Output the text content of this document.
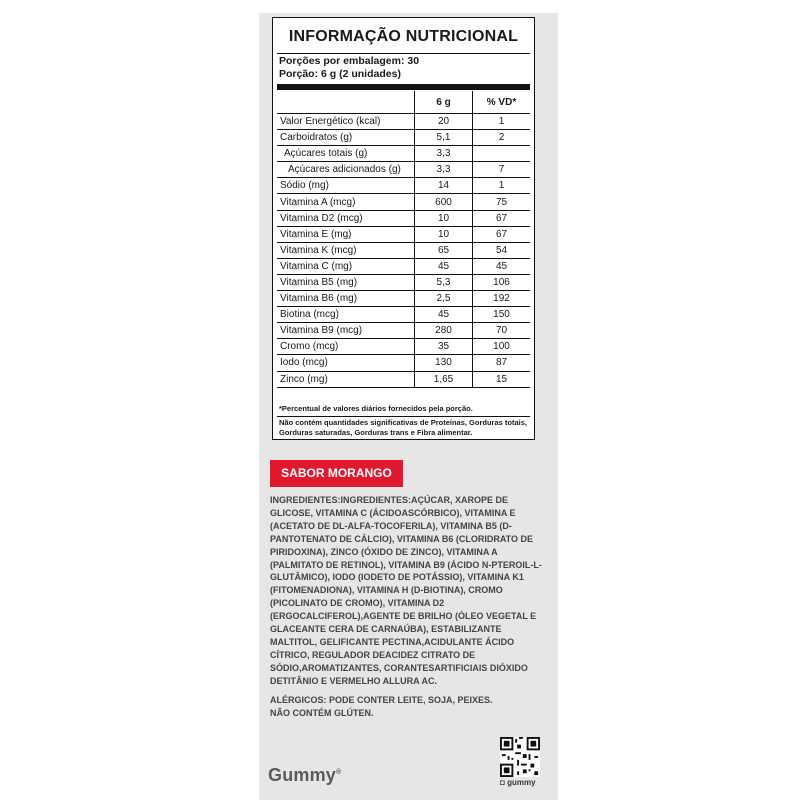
INFORMAÇÃO NUTRICIONAL
Porções por embalagem: 30
Porção: 6 g (2 unidades)
	6 g	% VD*
Valor Energético (kcal)	20	1
Carboidratos (g)	5,1	2
Açúcares totais (g)	3,3	
Açúcares adicionados (g)	3,3	7
Sódio (mg)	14	1
Vitamina A (mcg)	600	75
Vitamina D2 (mcg)	10	67
Vitamina E (mg)	10	67
Vitamina K (mcg)	65	54
Vitamina C (mg)	45	45
Vitamina B5 (mg)	5,3	106
Vitamina B6 (mg)	2,5	192
Biotina (mcg)	45	150
Vitamina B9 (mcg)	280	70
Cromo (mcg)	35	100
Iodo (mcg)	130	87
Zinco (mg)	1,65	15
*Percentual de valores diários fornecidos pela porção.
Não contém quantidades significativas de Proteínas, Gorduras totais, Gorduras saturadas, Gorduras trans e Fibra alimentar.
SABOR MORANGO
INGREDIENTES:INGREDIENTES:AÇÚCAR, XAROPE DE GLICOSE, VITAMINA C (ÁCIDOASCÓRBICO), VITAMINA E (ACETATO DE DL-ALFA-TOCOFERILA), VITAMINA B5 (D-PANTOTENATO DE CÁLCIO), VITAMINA B6 (CLORIDRATO DE PIRIDOXINA), ZINCO (ÓXIDO DE ZINCO), VITAMINA A (PALMITATO DE RETINOL), VITAMINA B9 (ÁCIDO N-PTEROIL-L-GLUTÂMICO), IODO (IODETO DE POTÁSSIO), VITAMINA K1 (FITOMENADIONA), VITAMINA H (D-BIOTINA), CROMO (PICOLINATO DE CROMO), VITAMINA D2 (ERGOCALCIFEROL),AGENTE DE BRILHO (ÓLEO VEGETAL E GLACEANTE CERA DE CARNAÚBA), ESTABILIZANTE MALTITOL, GELIFICANTE PECTINA,ACIDULANTE ÁCIDO CÍTRICO, REGULADOR DEACIDEZ CITRATO DE SÓDIO,AROMATIZANTES, CORANTESARTIFICIAIS DIÓXIDO DETITÂNIO E VERMELHO ALLURA AC.
ALÉRGICOS: PODE CONTER LEITE, SOJA, PEIXES.
NÃO CONTÉM GLÚTEN.
Gummy®
◘ gummy
